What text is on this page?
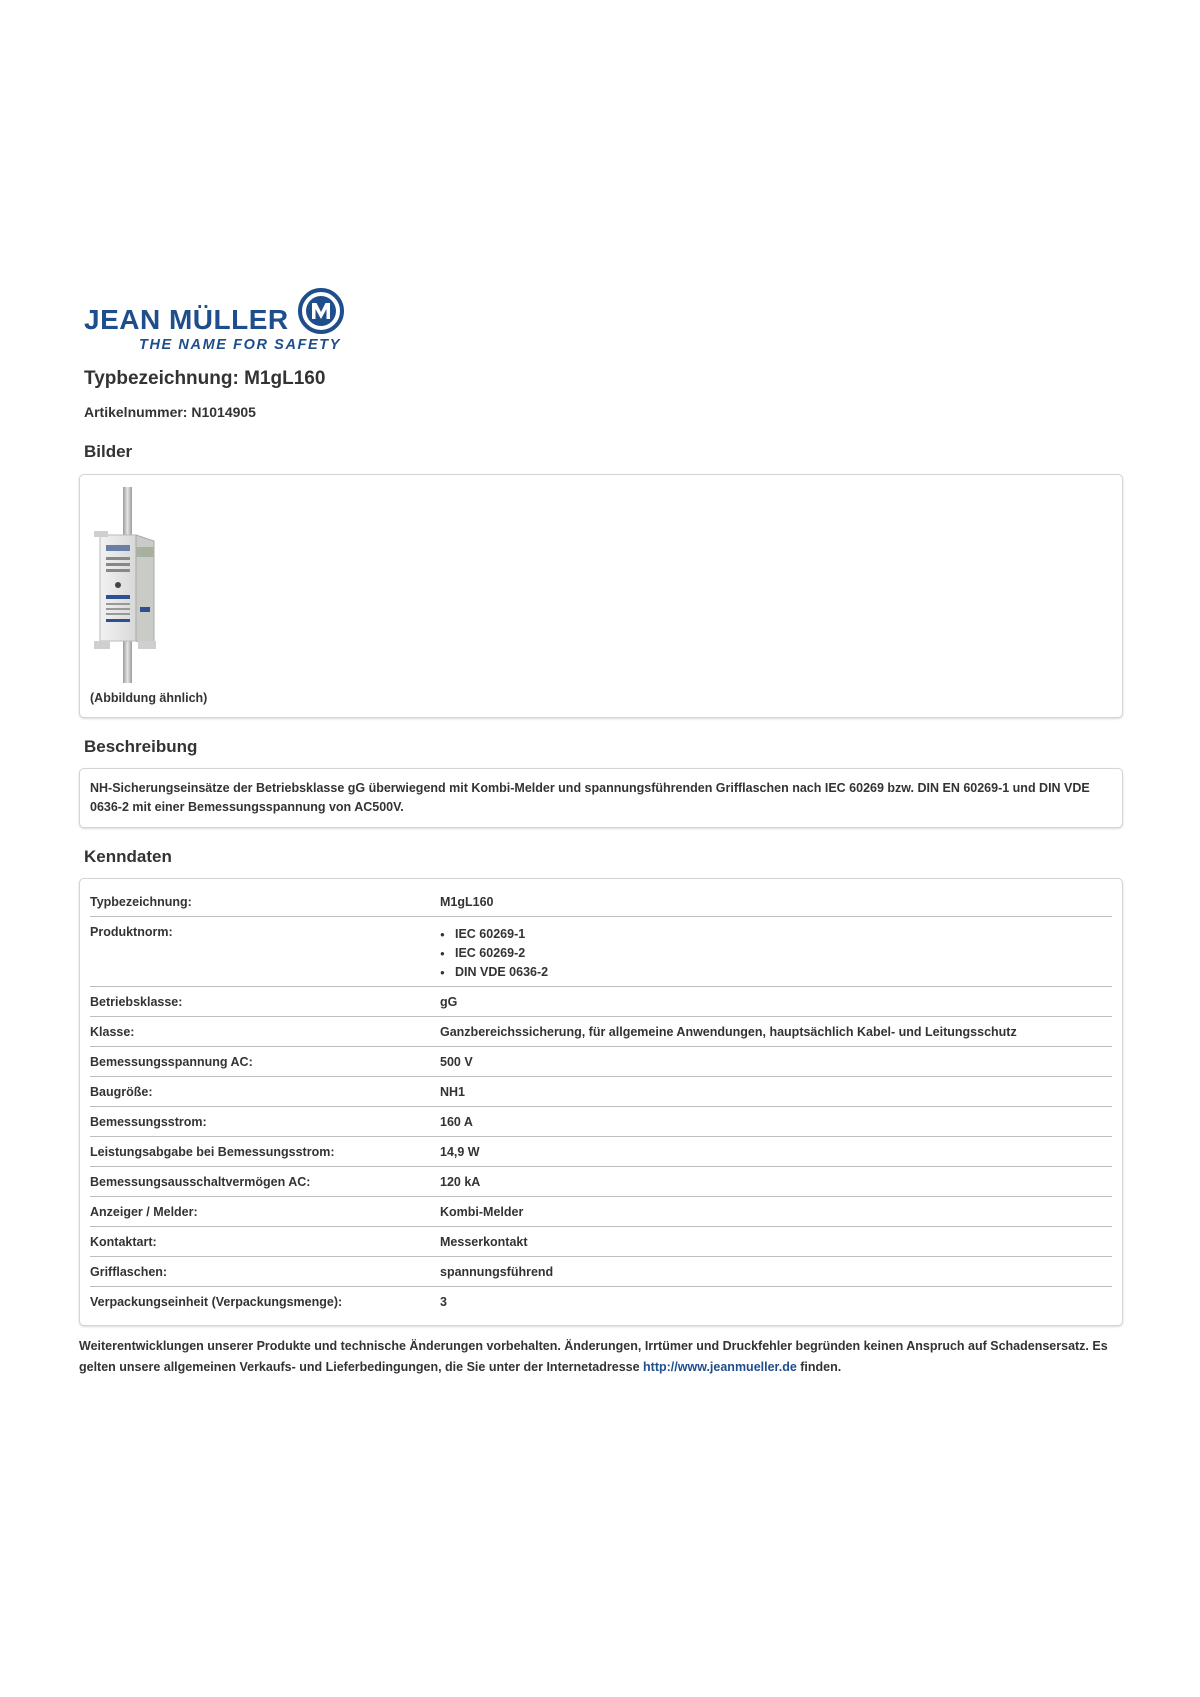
JEAN MÜLLER
THE NAME FOR SAFETY
Typbezeichnung: M1gL160
Artikelnummer: N1014905
Bilder
(Abbildung ähnlich)
Beschreibung
NH-Sicherungseinsätze der Betriebsklasse gG überwiegend mit Kombi-Melder und spannungsführenden Grifflaschen nach IEC 60269 bzw. DIN EN 60269-1 und DIN VDE 0636-2 mit einer Bemessungsspannung von AC500V.
Kenndaten
Typbezeichnung:	M1gL160
Produktnorm:
●	IEC 60269-1
● IEC 60269-2
● DIN VDE 0636-2
Betriebsklasse:	gG
Klasse:	Ganzbereichssicherung, für allgemeine Anwendungen, hauptsächlich Kabel- und Leitungsschutz
Bemessungsspannung AC:	500 V
Baugröße:	NH1
Bemessungsstrom:	160 A
Leistungsabgabe bei Bemessungsstrom:	14,9 W
Bemessungsausschaltvermögen AC:	120 kA
Anzeiger / Melder:	Kombi-Melder
Kontaktart:	Messerkontakt
Grifflaschen:	spannungsführend
Verpackungseinheit (Verpackungsmenge):	3
Weiterentwicklungen unserer Produkte und technische Änderungen vorbehalten. Änderungen, Irrtümer und Druckfehler begründen keinen Anspruch auf Schadensersatz. Es gelten unsere allgemeinen Verkaufs- und Lieferbedingungen, die Sie unter der Internetadresse http://www.jeanmueller.de finden.
